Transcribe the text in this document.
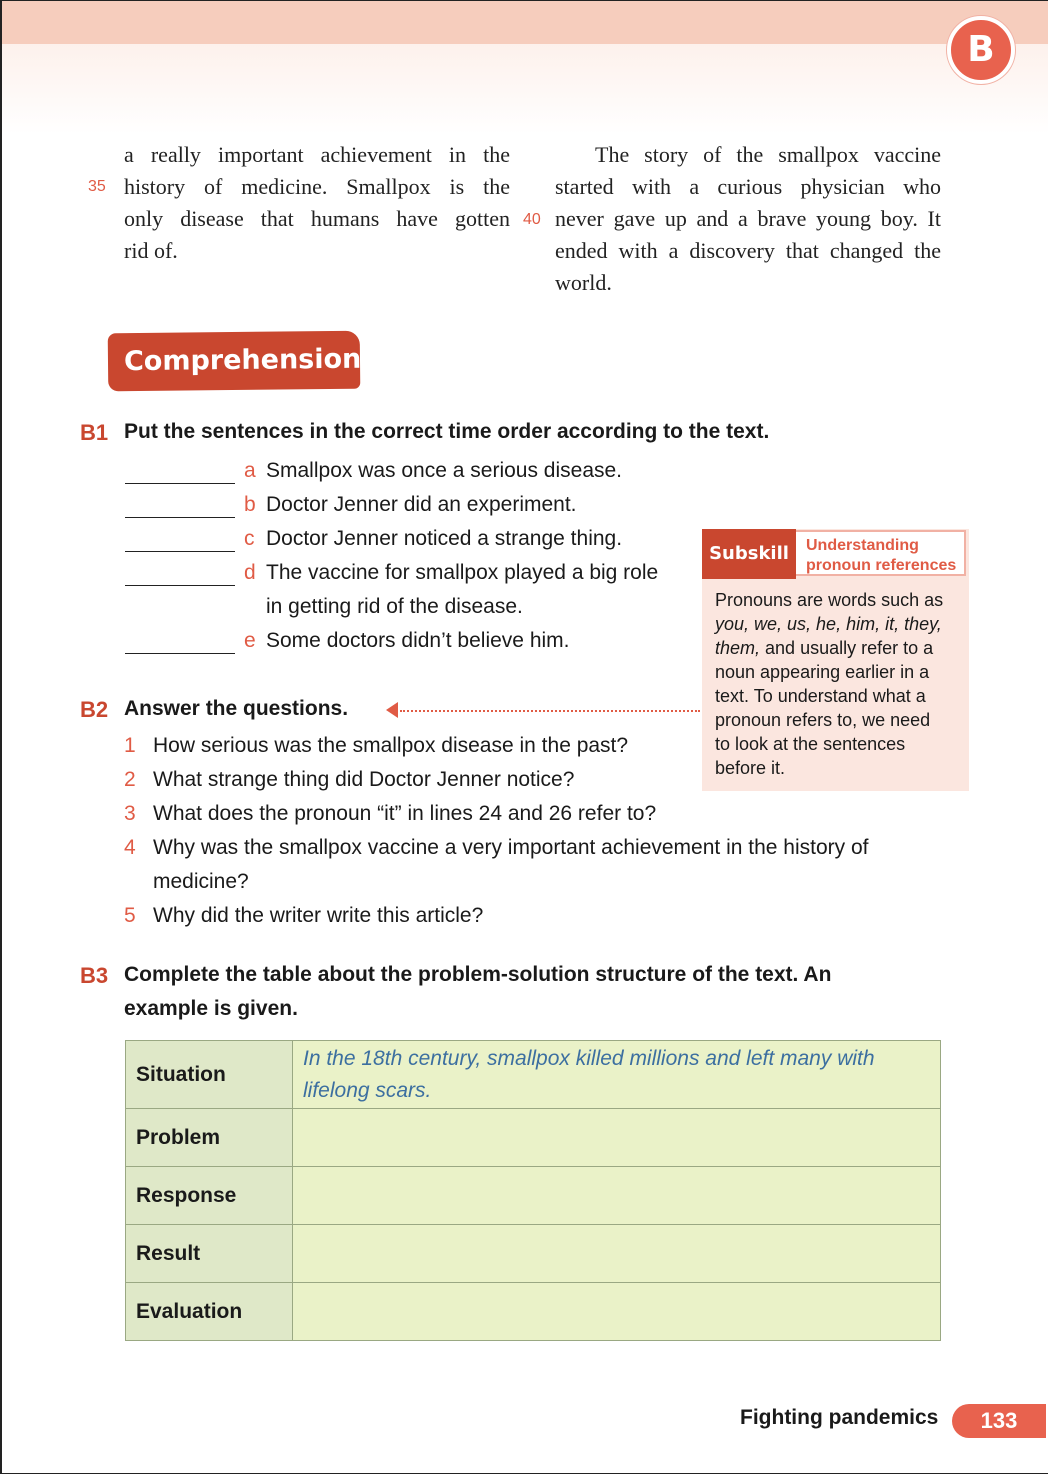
B
a really important achievement in the
history of medicine. Smallpox is the
only disease that humans have gotten
rid of.
35
The story of the smallpox vaccine
started with a curious physician who
never gave up and a brave young boy. It
ended with a discovery that changed the
world.
40
Comprehension
B1 Put the sentences in the correct time order according to the text.
a Smallpox was once a serious disease.
b Doctor Jenner did an experiment.
c Doctor Jenner noticed a strange thing.
d The vaccine for smallpox played a big role
in getting rid of the disease.
e Some doctors didn’t believe him.
Subskill	Understanding
pronoun references
Pronouns are words such as
you, we, us, he, him, it, they,
them, and usually refer to a
noun appearing earlier in a
text. To understand what a
pronoun refers to, we need
to look at the sentences
before it.
B2 Answer the questions.
1 How serious was the smallpox disease in the past?
2 What strange thing did Doctor Jenner notice?
3 What does the pronoun “it” in lines 24 and 26 refer to?
4 Why was the smallpox vaccine a very important achievement in the history of
medicine?
5 Why did the writer write this article?
B3 Complete the table about the problem-solution structure of the text. An
example is given.
Situation	In the 18th century, smallpox killed millions and left many with lifelong scars.
Problem	
Response	
Result	
Evaluation	
Fighting pandemics	133
